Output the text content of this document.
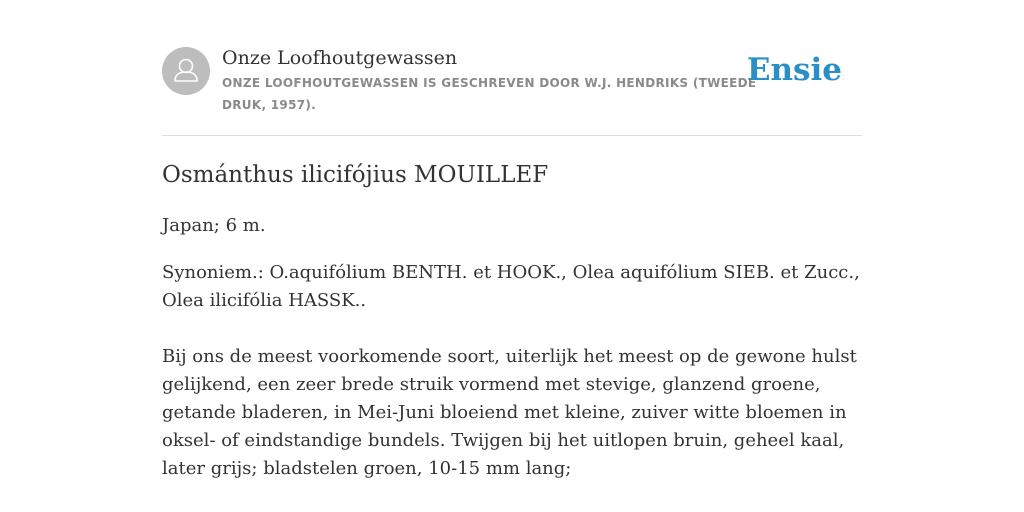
Onze Loofhoutgewassen
ONZE LOOFHOUTGEWASSEN IS GESCHREVEN DOOR W.J. HENDRIKS (TWEEDE DRUK, 1957).
Ensie
Osmánthus ilicifójius MOUILLEF

Japan; 6 m.

Synoniem.: O.aquifólium BENTH. et HOOK., Olea aquifólium SIEB. et Zucc., Olea ilicifólia HASSK..

Bij ons de meest voorkomende soort, uiterlijk het meest op de gewone hulst gelijkend, een zeer brede struik vormend met stevige, glanzend groene, getande bladeren, in Mei-Juni bloeiend met kleine, zuiver witte bloemen in oksel- of eindstandige bundels. Twijgen bij het uitlopen bruin, geheel kaal, later grijs; bladstelen groen, 10-15 mm lang;
